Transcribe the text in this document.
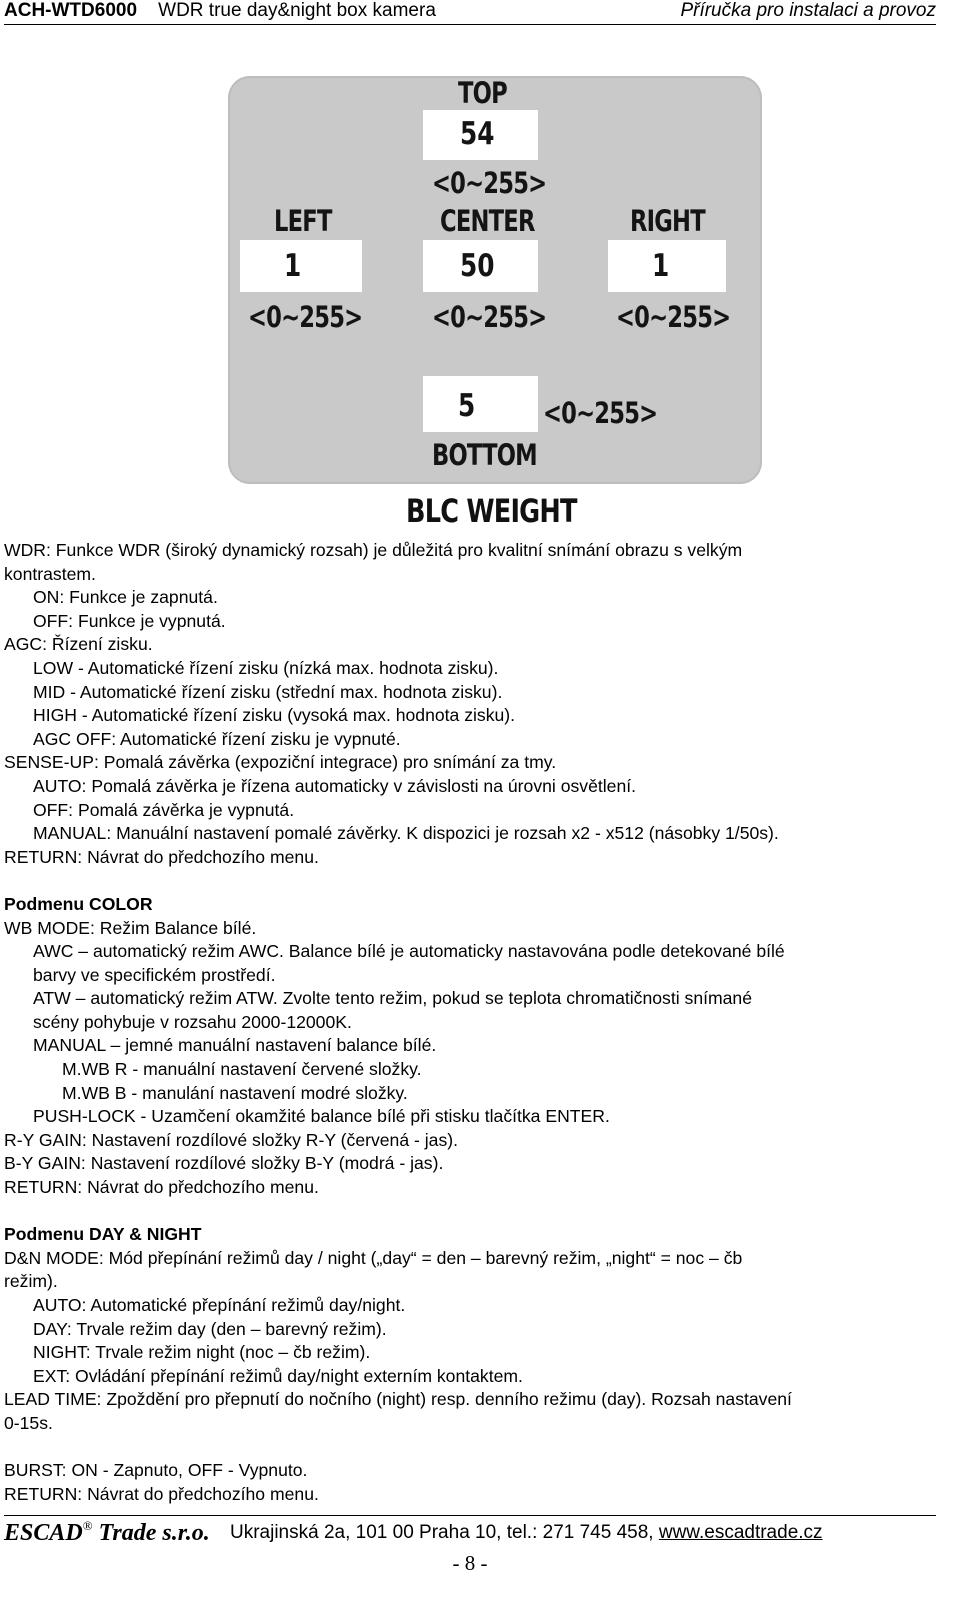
ACH-WTD6000 WDR true day&night box kamera	Příručka pro instalaci a provoz
TOP
54
<0~255>
LEFT	CENTER	RIGHT
1	50	1
<0~255> <0~255> <0~255>
5 <0~255>
BOTTOM
BLC WEIGHT

WDR: Funkce WDR (široký dynamický rozsah) je důležitá pro kvalitní snímání obrazu s velkým

kontrastem.

ON: Funkce je zapnutá.

OFF: Funkce je vypnutá.

AGC: Řízení zisku.

LOW - Automatické řízení zisku (nízká max. hodnota zisku).

MID - Automatické řízení zisku (střední max. hodnota zisku).

HIGH - Automatické řízení zisku (vysoká max. hodnota zisku).

AGC OFF: Automatické řízení zisku je vypnuté.

SENSE-UP: Pomalá závěrka (expoziční integrace) pro snímání za tmy.

AUTO: Pomalá závěrka je řízena automaticky v závislosti na úrovni osvětlení.

OFF: Pomalá závěrka je vypnutá.

MANUAL: Manuální nastavení pomalé závěrky. K dispozici je rozsah x2 - x512 (násobky 1/50s).

RETURN: Návrat do předchozího menu.

Podmenu COLOR

WB MODE: Režim Balance bílé.

AWC – automatický režim AWC. Balance bílé je automaticky nastavována podle detekované bílé

barvy ve specifickém prostředí.

ATW – automatický režim ATW. Zvolte tento režim, pokud se teplota chromatičnosti snímané

scény pohybuje v rozsahu 2000-12000K.

MANUAL – jemné manuální nastavení balance bílé.

M.WB R - manuální nastavení červené složky.

M.WB B - manulání nastavení modré složky.

PUSH-LOCK - Uzamčení okamžité balance bílé při stisku tlačítka ENTER.

R-Y GAIN: Nastavení rozdílové složky R-Y (červená - jas).

B-Y GAIN: Nastavení rozdílové složky B-Y (modrá - jas).

RETURN: Návrat do předchozího menu.

Podmenu DAY & NIGHT

D&N MODE: Mód přepínání režimů day / night („day“ = den – barevný režim, „night“ = noc – čb

režim).

AUTO: Automatické přepínání režimů day/night.

DAY: Trvale režim day (den – barevný režim).

NIGHT: Trvale režim night (noc – čb režim).

EXT: Ovládání přepínání režimů day/night externím kontaktem.

LEAD TIME: Zpoždění pro přepnutí do nočního (night) resp. denního režimu (day). Rozsah nastavení

0-15s.

BURST: ON - Zapnuto, OFF - Vypnuto.

RETURN: Návrat do předchozího menu.

ESCAD® Trade s.r.o. Ukrajinská 2a, 101 00 Praha 10, tel.: 271 745 458, www.escadtrade.cz
- 8 -
